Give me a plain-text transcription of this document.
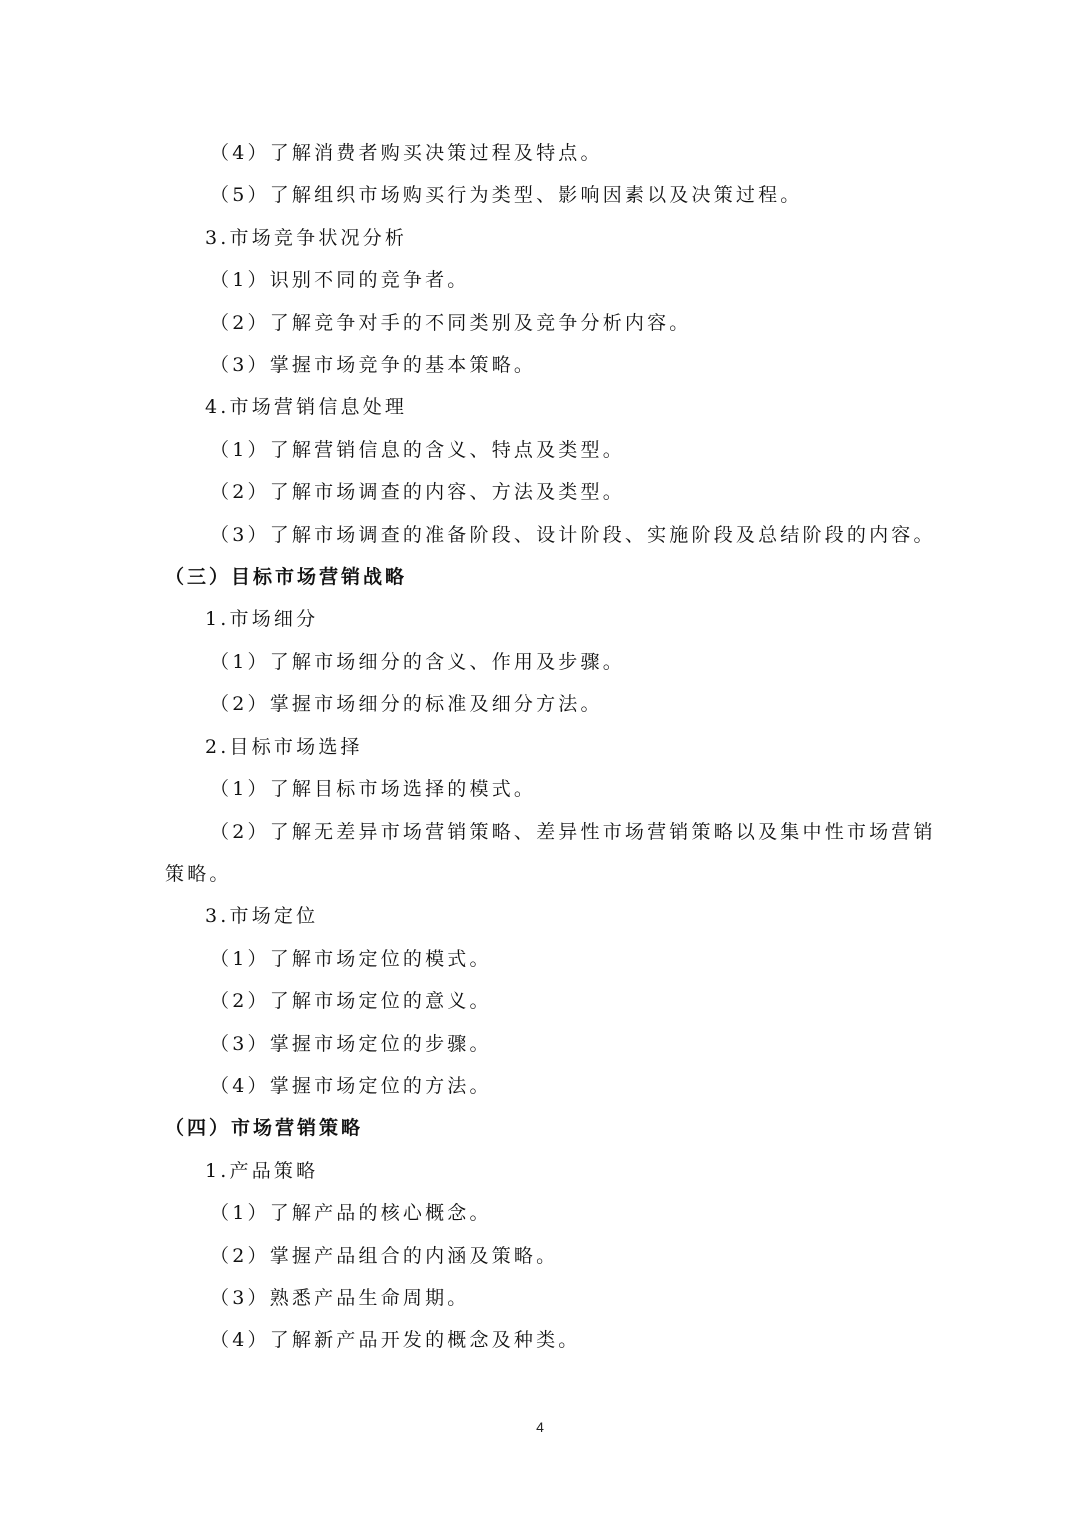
（4）了解消费者购买决策过程及特点。
（5）了解组织市场购买行为类型、影响因素以及决策过程。
3.市场竞争状况分析
（1）识别不同的竞争者。
（2）了解竞争对手的不同类别及竞争分析内容。
（3）掌握市场竞争的基本策略。
4.市场营销信息处理
（1）了解营销信息的含义、特点及类型。
（2）了解市场调查的内容、方法及类型。
（3）了解市场调查的准备阶段、设计阶段、实施阶段及总结阶段的内容。
（三）目标市场营销战略
1.市场细分
（1）了解市场细分的含义、作用及步骤。
（2）掌握市场细分的标准及细分方法。
2.目标市场选择
（1）了解目标市场选择的模式。
（2）了解无差异市场营销策略、差异性市场营销策略以及集中性市场营销
策略。
3.市场定位
（1）了解市场定位的模式。
（2）了解市场定位的意义。
（3）掌握市场定位的步骤。
（4）掌握市场定位的方法。
（四）市场营销策略
1.产品策略
（1）了解产品的核心概念。
（2）掌握产品组合的内涵及策略。
（3）熟悉产品生命周期。
（4）了解新产品开发的概念及种类。
4
